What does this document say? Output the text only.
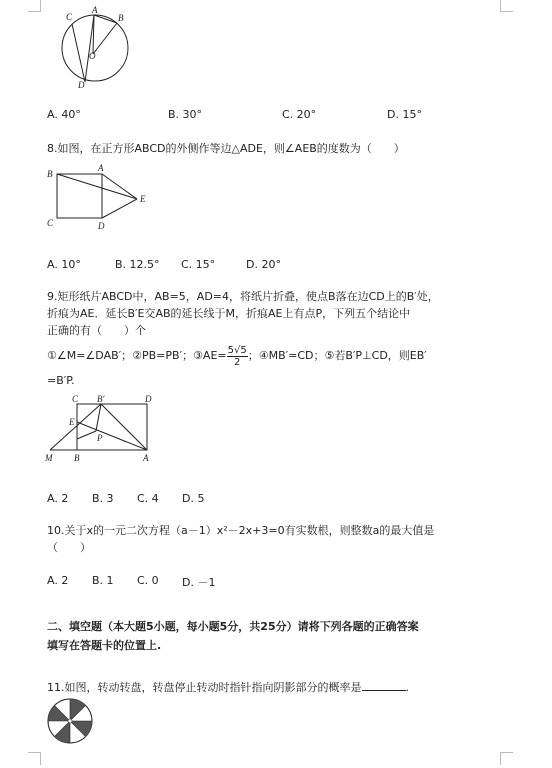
C
A
B
O
D
A. 40°	B. 30°	C. 20°	D. 15°
8.如图，在正方形ABCD的外侧作等边△ADE，则∠AEB的度数为（　　）
B
A
E
C	D
A. 10°	B. 12.5° C. 15°	D. 20°
9.矩形纸片ABCD中，AB=5，AD=4，将纸片折叠，使点B落在边CD上的B′处，
折痕为AE．延长B′E交AB的延长线于M，折痕AE上有点P，下列五个结论中
正确的有（　　）个
①∠M=∠DAB′；②PB=PB′；③AE= $\frac{5√5}{2}$ ；④MB′=CD；⑤若B′P⊥CD，则EB′
=B′P.
C B′	D
E
P
M B	A
A. 2 B. 3 C. 4 D. 5
10.关于x的一元二次方程（a－1）x²－2x+3=0有实数根，则整数a的最大值是
（　　）
A. 2 B. 1 C. 0 D. －1
二、填空题（本大题5小题，每小题5分，共25分）请将下列各题的正确答案
填写在答题卡的位置上.
11.如图，转动转盘，转盘停止转动时指针指向阴影部分的概率是	.
